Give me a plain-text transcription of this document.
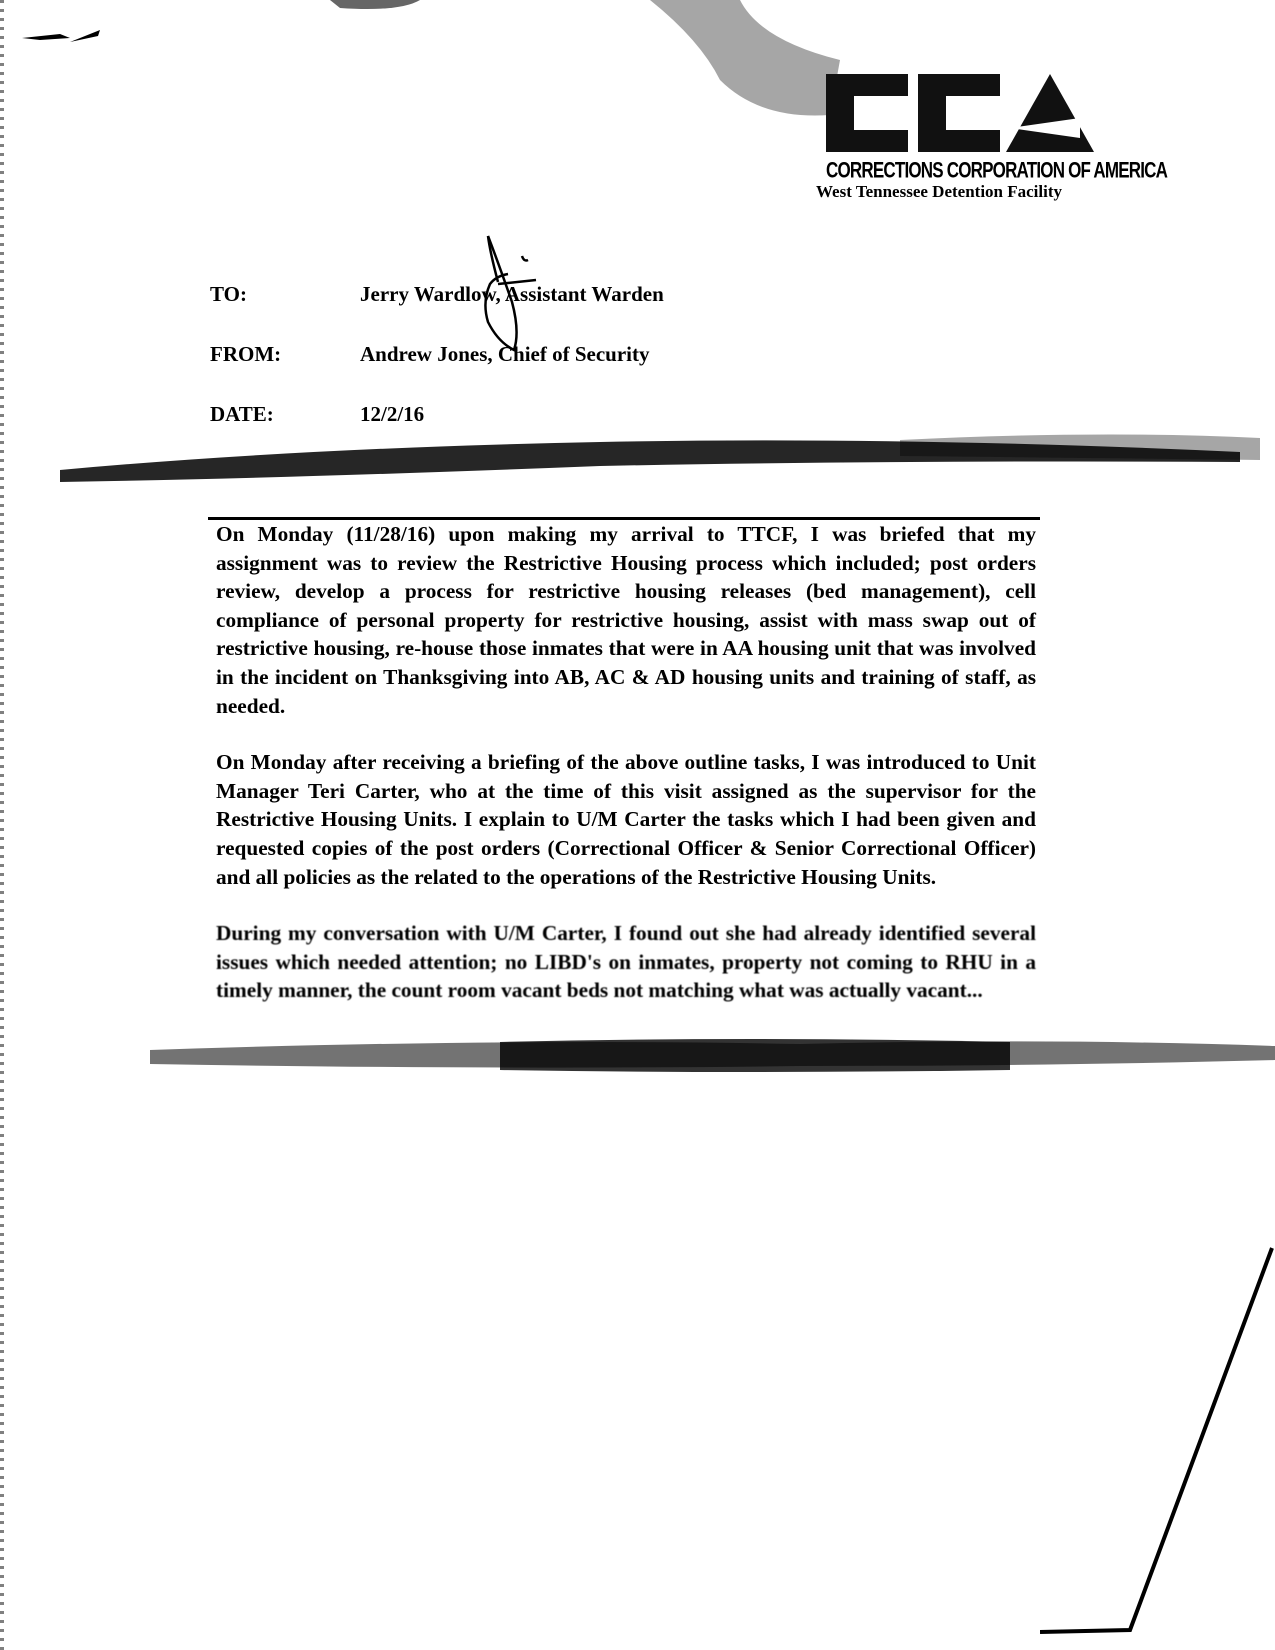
CORRECTIONS CORPORATION OF AMERICA
West Tennessee Detention Facility
TO:	Jerry Wardlow, Assistant Warden
FROM:	Andrew Jones, Chief of Security
DATE:	12/2/16

On Monday (11/28/16) upon making my arrival to TTCF, I was briefed that my assignment was to review the Restrictive Housing process which included; post orders review, develop a process for restrictive housing releases (bed management), cell compliance of personal property for restrictive housing, assist with mass swap out of restrictive housing, re-house those inmates that were in AA housing unit that was involved in the incident on Thanksgiving into AB, AC & AD housing units and training of staff, as needed.

On Monday after receiving a briefing of the above outline tasks, I was introduced to Unit Manager Teri Carter, who at the time of this visit assigned as the supervisor for the Restrictive Housing Units. I explain to U/M Carter the tasks which I had been given and requested copies of the post orders (Correctional Officer & Senior Correctional Officer) and all policies as the related to the operations of the Restrictive Housing Units.

During my conversation with U/M Carter, I found out she had already identified several issues which needed attention; no LIBD's on inmates, property not coming to RHU in a timely manner, the count room vacant beds not matching what was actually vacant...
